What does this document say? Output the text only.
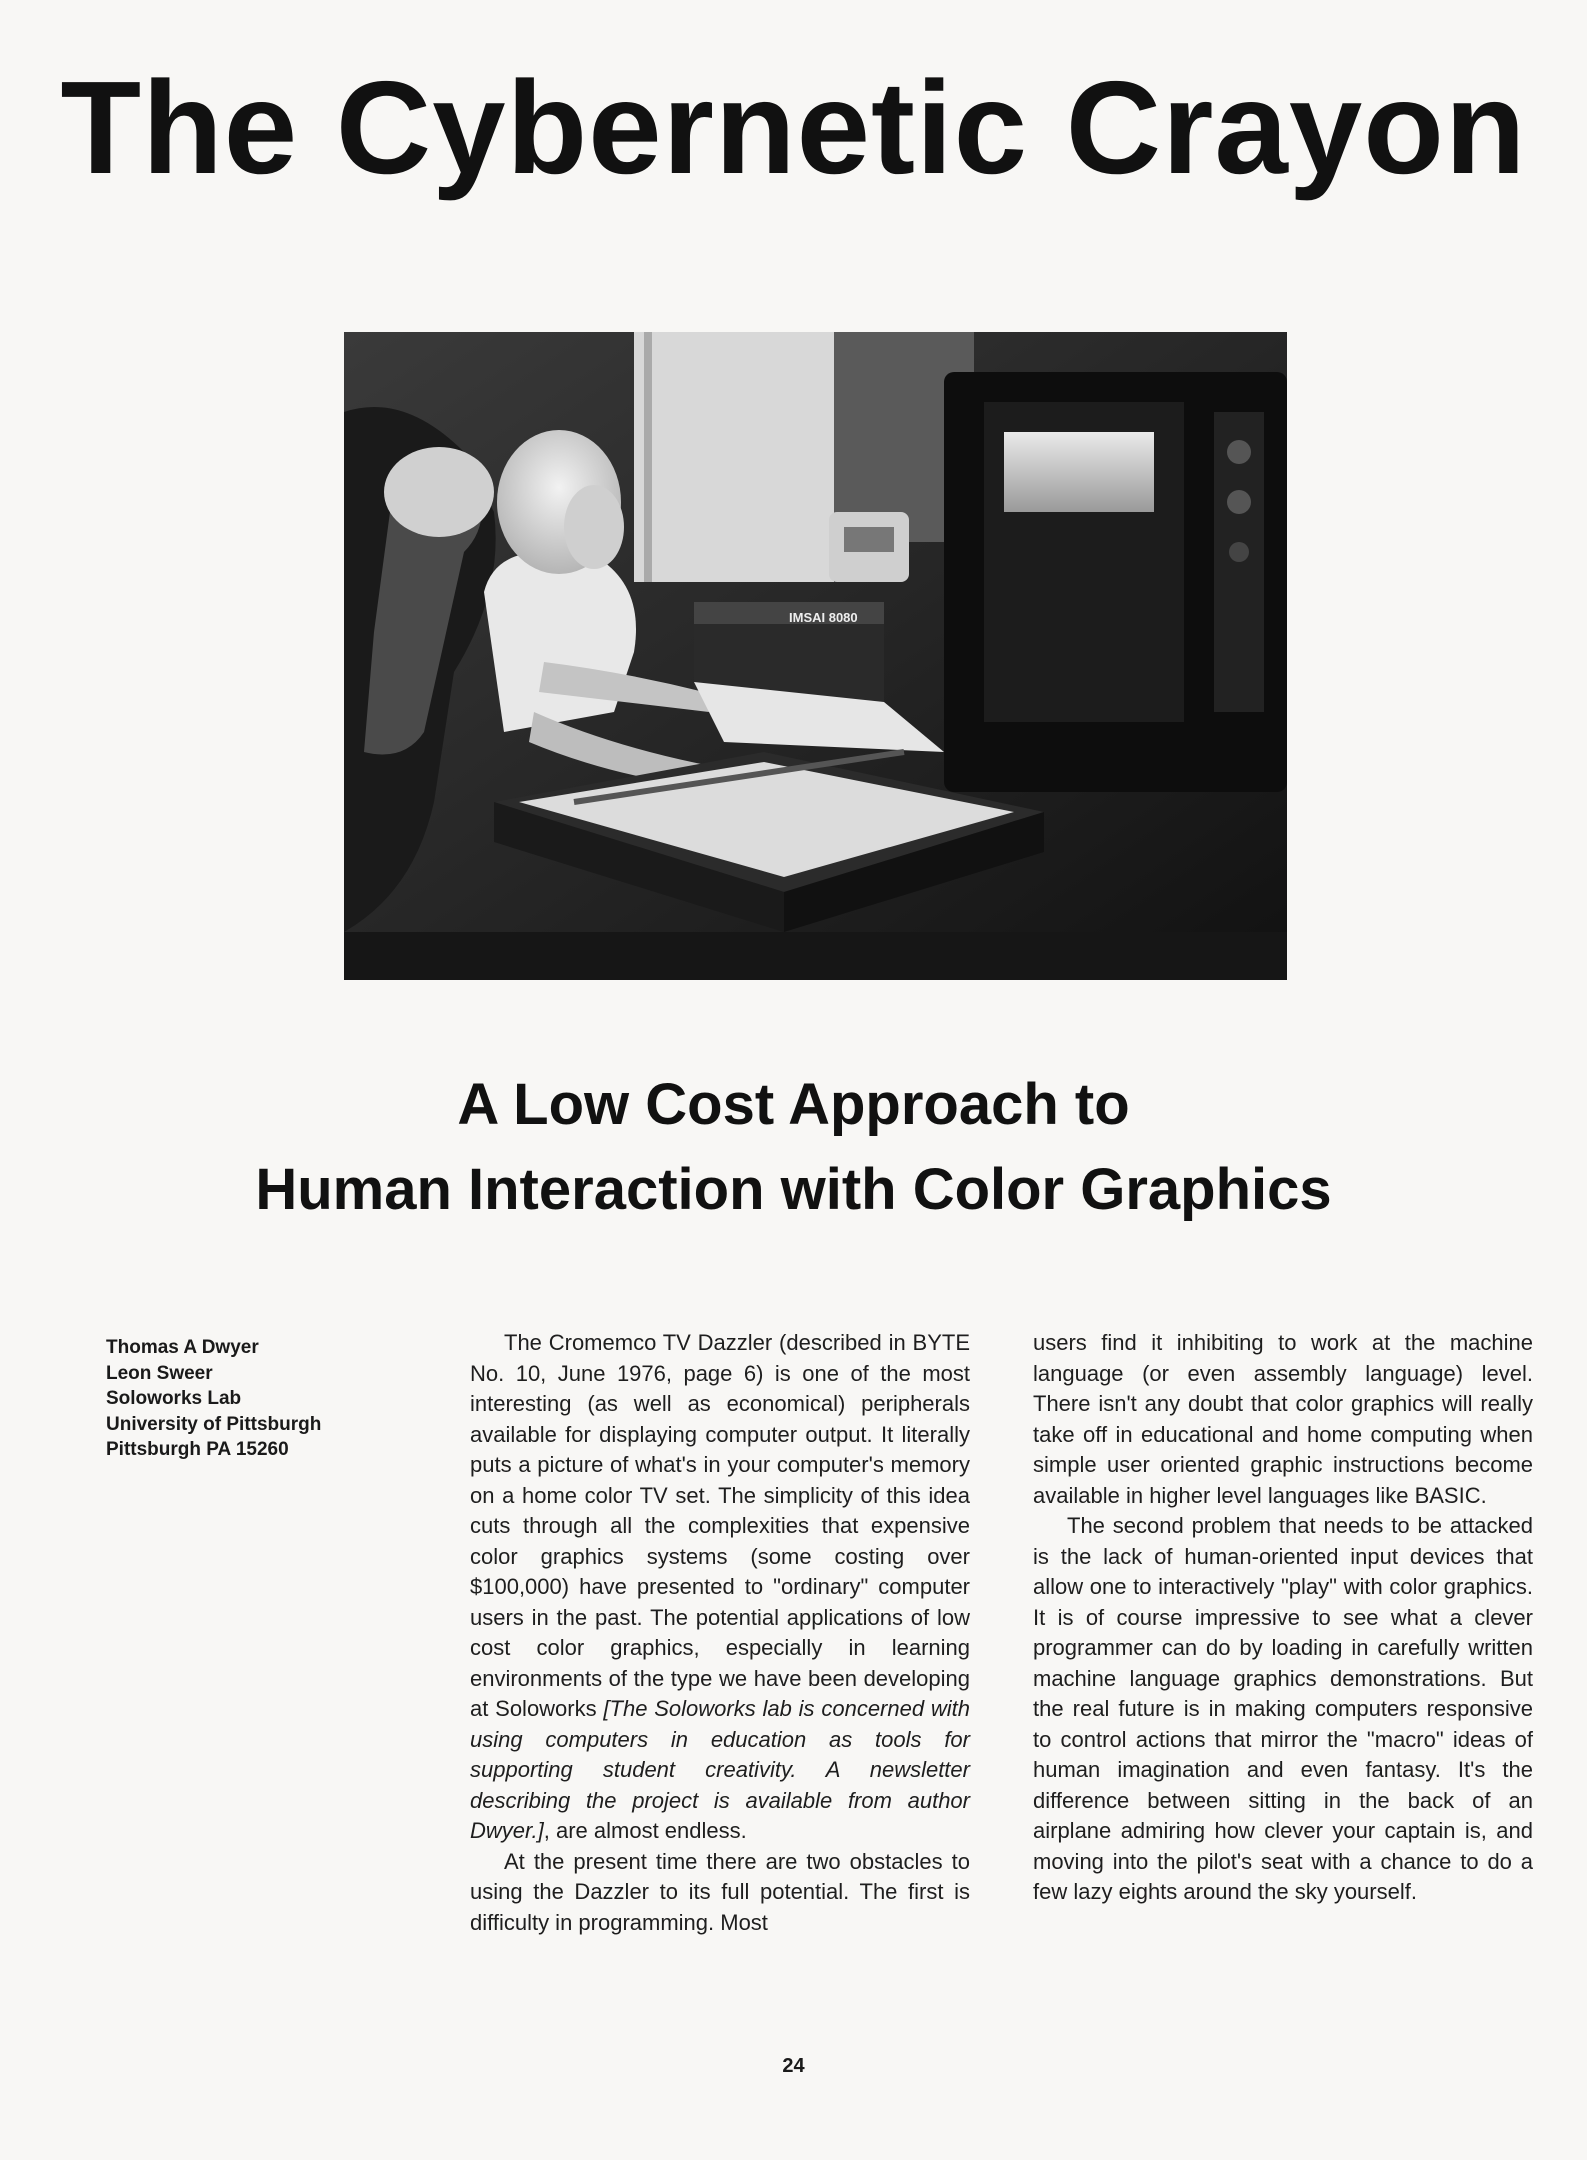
The Cybernetic Crayon
IMSAI 8080
A Low Cost Approach to
Human Interaction with Color Graphics
Thomas A Dwyer
Leon Sweer
Soloworks Lab
University of Pittsburgh
Pittsburgh PA 15260

The Cromemco TV Dazzler (described in BYTE No. 10, June 1976, page 6) is one of the most interesting (as well as economical) peripherals available for displaying computer output. It literally puts a picture of what's in your computer's memory on a home color TV set. The simplicity of this idea cuts through all the complexities that expensive color graphics systems (some costing over $100,000) have presented to "ordinary" computer users in the past. The potential applications of low cost color graphics, especially in learning environments of the type we have been developing at Soloworks [The Soloworks lab is concerned with using computers in education as tools for supporting student creativity. A newsletter describing the project is available from author Dwyer.], are almost endless.

At the present time there are two obstacles to using the Dazzler to its full potential. The first is difficulty in programming. Most

users find it inhibiting to work at the machine language (or even assembly language) level. There isn't any doubt that color graphics will really take off in educational and home computing when simple user oriented graphic instructions become available in higher level languages like BASIC.

The second problem that needs to be attacked is the lack of human-oriented input devices that allow one to interactively "play" with color graphics. It is of course impressive to see what a clever programmer can do by loading in carefully written machine language graphics demonstrations. But the real future is in making computers responsive to control actions that mirror the "macro" ideas of human imagination and even fantasy. It's the difference between sitting in the back of an airplane admiring how clever your captain is, and moving into the pilot's seat with a chance to do a few lazy eights around the sky yourself.

24
